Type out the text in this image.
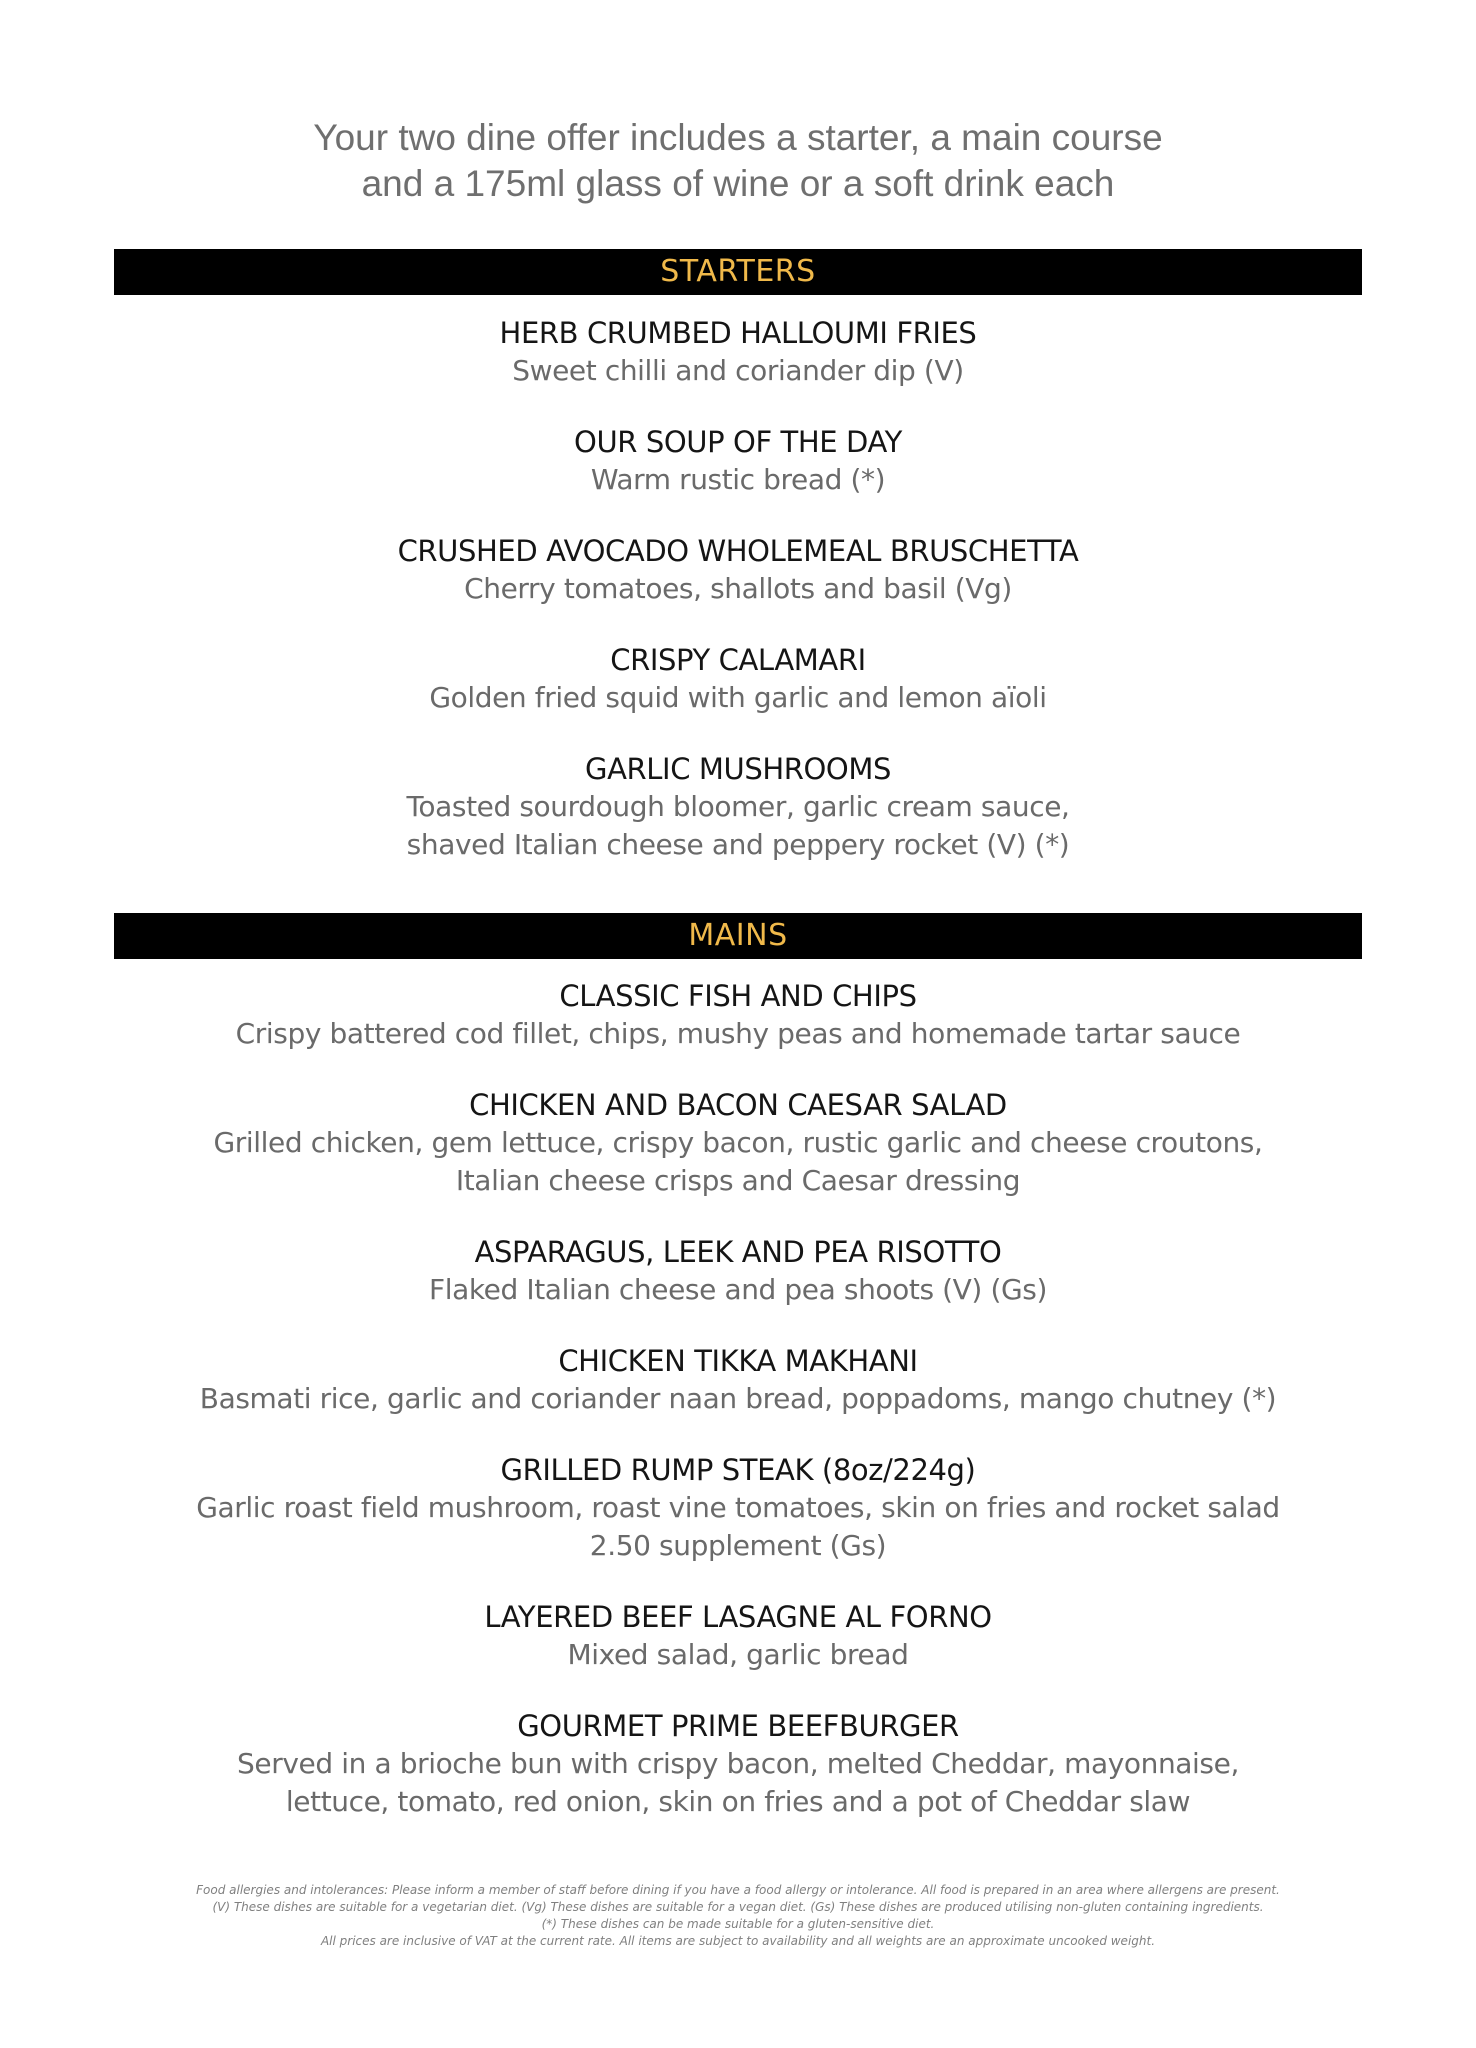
Your two dine offer includes a starter, a main course
and a 175ml glass of wine or a soft drink each
STARTERS
HERB CRUMBED HALLOUMI FRIES
Sweet chilli and coriander dip (V)
OUR SOUP OF THE DAY
Warm rustic bread (*)
CRUSHED AVOCADO WHOLEMEAL BRUSCHETTA
Cherry tomatoes, shallots and basil (Vg)
CRISPY CALAMARI
Golden fried squid with garlic and lemon aïoli
GARLIC MUSHROOMS
Toasted sourdough bloomer, garlic cream sauce,
shaved Italian cheese and peppery rocket (V) (*)
MAINS
CLASSIC FISH AND CHIPS
Crispy battered cod fillet, chips, mushy peas and homemade tartar sauce
CHICKEN AND BACON CAESAR SALAD
Grilled chicken, gem lettuce, crispy bacon, rustic garlic and cheese croutons,
Italian cheese crisps and Caesar dressing
ASPARAGUS, LEEK AND PEA RISOTTO
Flaked Italian cheese and pea shoots (V) (Gs)
CHICKEN TIKKA MAKHANI
Basmati rice, garlic and coriander naan bread, poppadoms, mango chutney (*)
GRILLED RUMP STEAK (8oz/224g)
Garlic roast field mushroom, roast vine tomatoes, skin on fries and rocket salad
2.50 supplement (Gs)
LAYERED BEEF LASAGNE AL FORNO
Mixed salad, garlic bread
GOURMET PRIME BEEFBURGER
Served in a brioche bun with crispy bacon, melted Cheddar, mayonnaise,
lettuce, tomato, red onion, skin on fries and a pot of Cheddar slaw
Food allergies and intolerances: Please inform a member of staff before dining if you have a food allergy or intolerance. All food is prepared in an area where allergens are present.
(V) These dishes are suitable for a vegetarian diet. (Vg) These dishes are suitable for a vegan diet. (Gs) These dishes are produced utilising non-gluten containing ingredients.
(*) These dishes can be made suitable for a gluten-sensitive diet.
All prices are inclusive of VAT at the current rate. All items are subject to availability and all weights are an approximate uncooked weight.
